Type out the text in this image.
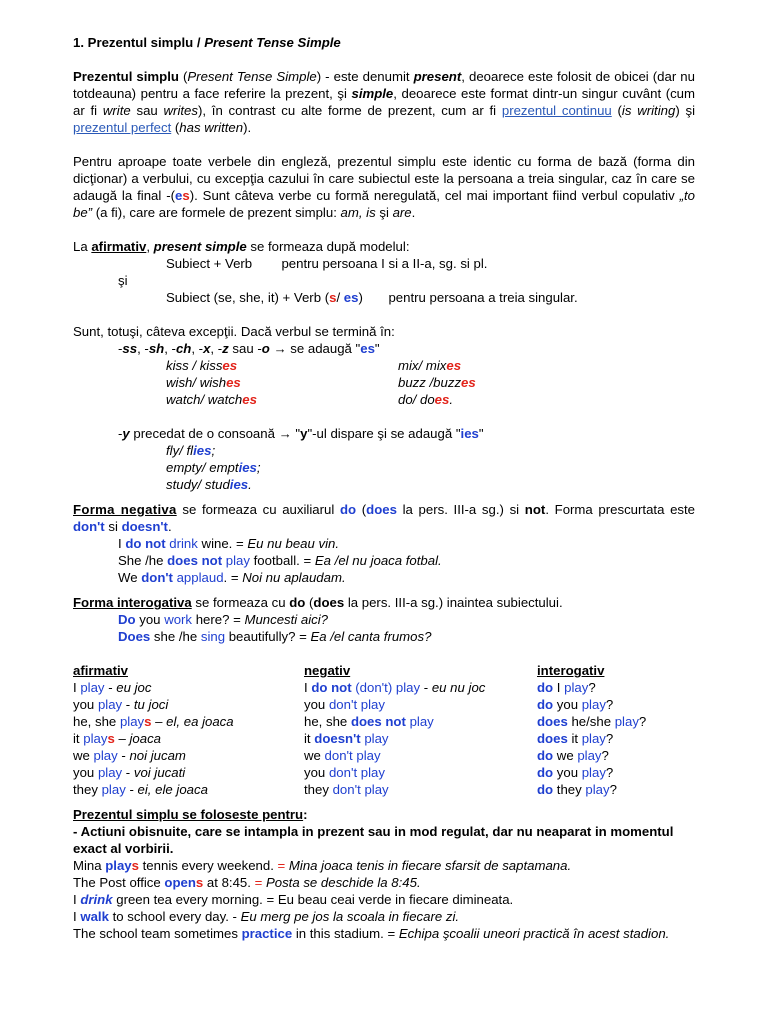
1. Prezentul simplu / Present Tense Simple

Prezentul simplu (Present Tense Simple) - este denumit present, deoarece este folosit de obicei (dar nu totdeauna) pentru a face referire la prezent, şi simple, deoarece este format dintr-un singur cuvânt (cum ar fi write sau writes), în contrast cu alte forme de prezent, cum ar fi prezentul continuu (is writing) şi prezentul perfect (has written).

Pentru aproape toate verbele din engleză, prezentul simplu este identic cu forma de bază (forma din dicţionar) a verbului, cu excepţia cazului în care subiectul este la persoana a treia singular, caz în care se adaugă la final -(es). Sunt câteva verbe cu formă neregulată, cel mai important fiind verbul copulativ „to be” (a fi), care are formele de prezent simplu: am, is şi are.

La afirmativ, present simple se formeaza după modelul:

Subiect + Verb        pentru persoana I si a II-a, sg. si pl.

şi

Subiect (se, she, it) + Verb (s/ es)       pentru persoana a treia singular.

Sunt, totuşi, câteva excepţii. Dacă verbul se termină în:

-ss, -sh, -ch, -x, -z sau -o → se adaugă "es"

kiss / kisses	mix/ mixes
wish/ wishes	buzz /buzzes
watch/ watches	do/ does.

-y precedat de o consoană → "y"-ul dispare şi se adaugă "ies"

fly/ flies;

empty/ empties;

study/ studies.

Forma negativa se formeaza cu auxiliarul do (does la pers. III-a sg.) si not. Forma prescurtata este don't si doesn't.

I do not drink wine. = Eu nu beau vin.

She /he does not play football. = Ea /el nu joaca fotbal.

We don't applaud. = Noi nu aplaudam.

Forma interogativa se formeaza cu do (does la pers. III-a sg.) inaintea subiectului.

Do you work here? = Muncesti aici?

Does she /he sing beautifully? = Ea /el canta frumos?

afirmativ	negativ	interogativ
I play - eu joc	I do not (don't) play - eu nu joc	do I play?
you play - tu joci	you don't play	do you play?
he, she plays – el, ea joaca	he, she does not play	does he/she play?
it plays – joaca	it doesn't play	does it play?
we play - noi jucam	we don't play	do we play?
you play - voi jucati	you don't play	do you play?
they play - ei, ele joaca	they don't play	do they play?

Prezentul simplu se foloseste pentru:

- Actiuni obisnuite, care se intampla in prezent sau in mod regulat, dar nu neaparat in momentul exact al vorbirii.

Mina plays tennis every weekend. = Mina joaca tenis in fiecare sfarsit de saptamana.

The Post office opens at 8:45. = Posta se deschide la 8:45.

I drink green tea every morning. = Eu beau ceai verde in fiecare dimineata.

I walk to school every day. - Eu merg pe jos la scoala in fiecare zi.

The school team sometimes practice in this stadium. = Echipa şcoalii uneori practică în acest stadion.
